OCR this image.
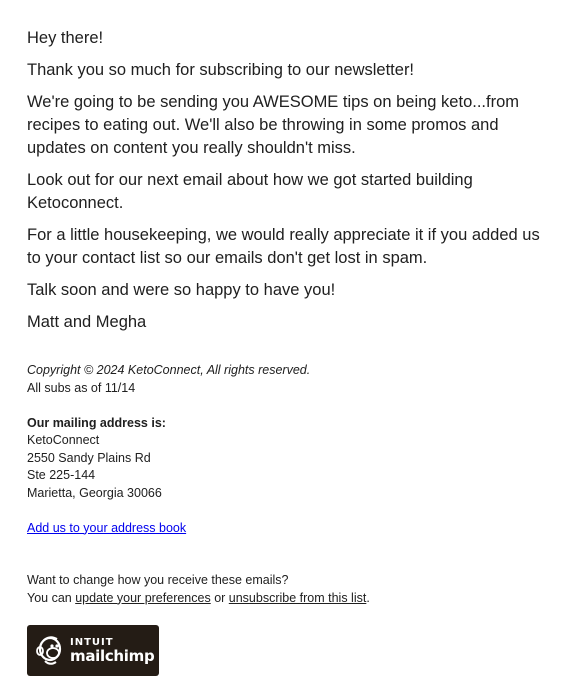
Hey there!

Thank you so much for subscribing to our newsletter!

We're going to be sending you AWESOME tips on being keto...from recipes to eating out. We'll also be throwing in some promos and updates on content you really shouldn't miss.

Look out for our next email about how we got started building Ketoconnect.

For a little housekeeping, we would really appreciate it if you added us to your contact list so our emails don't get lost in spam.

Talk soon and were so happy to have you!

Matt and Megha

Copyright © 2024 KetoConnect, All rights reserved.

All subs as of 11/14

Our mailing address is:

KetoConnect

2550 Sandy Plains Rd

Ste 225-144

Marietta, Georgia 30066

Add us to your address book

Want to change how you receive these emails?

You can update your preferences or unsubscribe from this list.

INTUIT
mailchimp
